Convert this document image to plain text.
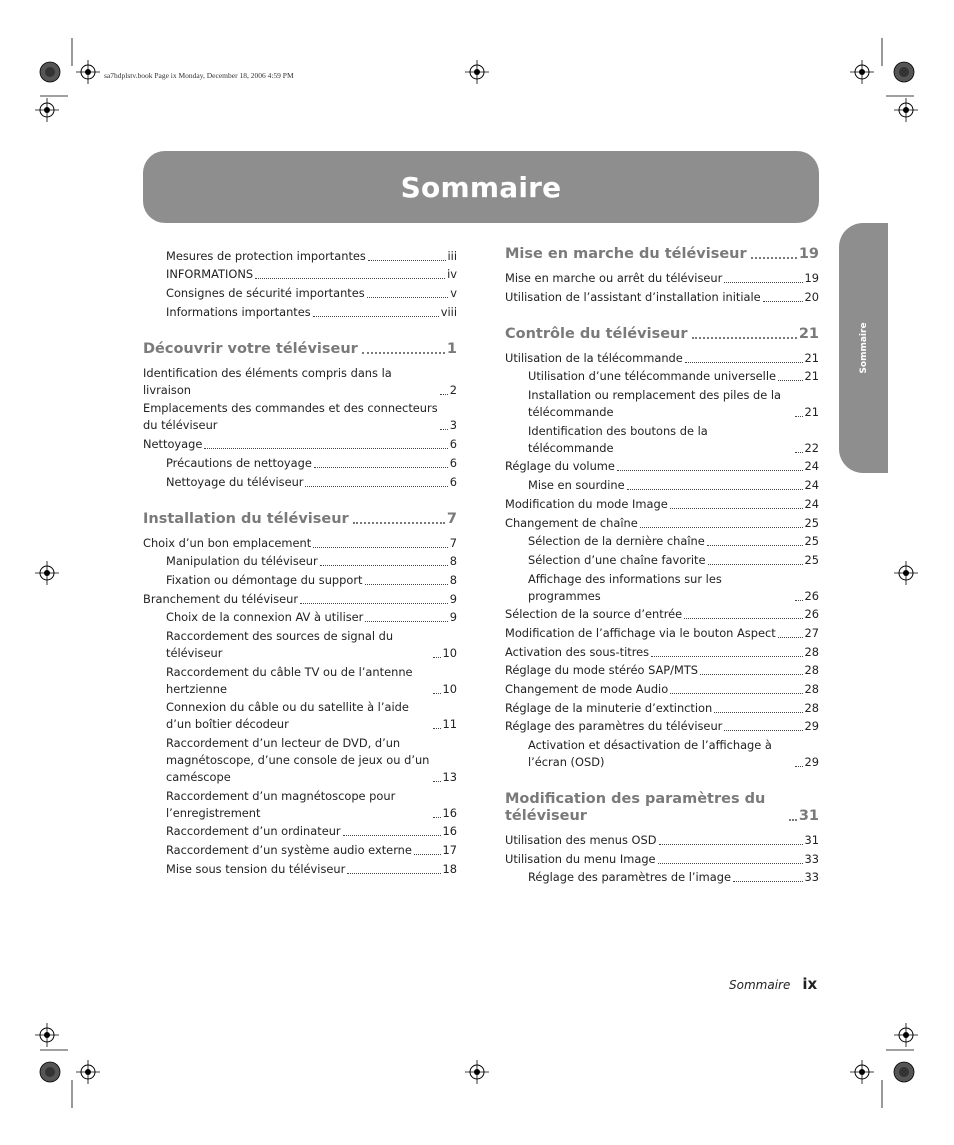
sa7hdplstv.book Page ix Monday, December 18, 2006 4:59 PM
Sommaire
Sommaire
Mesures de protection importantes	iii
INFORMATIONS	iv
Consignes de sécurité importantes	v
Informations importantes	viii
Découvrir votre téléviseur	1
Identification des éléments compris dans la livraison	2
Emplacements des commandes et des connecteurs du téléviseur	3
Nettoyage	6
Précautions de nettoyage	6
Nettoyage du téléviseur	6
Installation du téléviseur	7
Choix d’un bon emplacement	7
Manipulation du téléviseur	8
Fixation ou démontage du support	8
Branchement du téléviseur	9
Choix de la connexion AV à utiliser	9
Raccordement des sources de signal du téléviseur	10
Raccordement du câble TV ou de l’antenne hertzienne	10
Connexion du câble ou du satellite à l’aide d’un boîtier décodeur	11
Raccordement d’un lecteur de DVD, d’un magnétoscope, d’une console de jeux ou d’un caméscope	13
Raccordement d’un magnétoscope pour l’enregistrement	16
Raccordement d’un ordinateur	16
Raccordement d’un système audio externe	17
Mise sous tension du téléviseur	18
Mise en marche du téléviseur	19
Mise en marche ou arrêt du téléviseur	19
Utilisation de l’assistant d’installation initiale	20
Contrôle du téléviseur	21
Utilisation de la télécommande	21
Utilisation d’une télécommande universelle 21
Installation ou remplacement des piles de la télécommande	21
Identification des boutons de la télécommande	22
Réglage du volume	24
Mise en sourdine	24
Modification du mode Image	24
Changement de chaîne	25
Sélection de la dernière chaîne	25
Sélection d’une chaîne favorite	25
Affichage des informations sur les programmes	26
Sélection de la source d’entrée	26
Modification de l’affichage via le bouton Aspect	27
Activation des sous-titres	28
Réglage du mode stéréo SAP/MTS	28
Changement de mode Audio	28
Réglage de la minuterie d’extinction	28
Réglage des paramètres du téléviseur	29
Activation et désactivation de l’affichage à l’écran (OSD)	29
Modification des paramètres du téléviseur	31
Utilisation des menus OSD	31
Utilisation du menu Image	33
Réglage des paramètres de l’image	33
Sommaire ix
